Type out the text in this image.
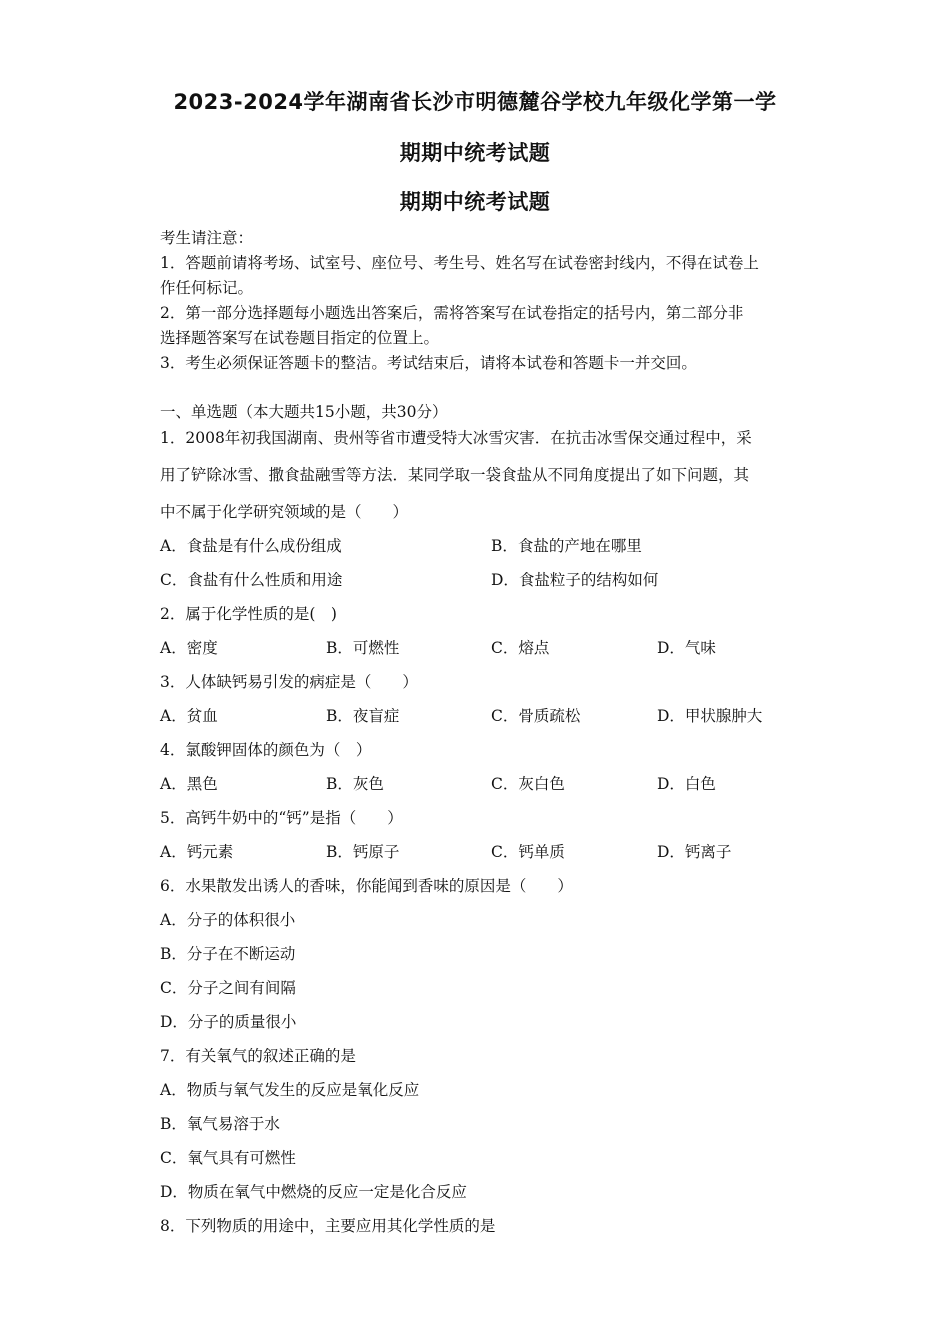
2023-2024学年湖南省长沙市明德麓谷学校九年级化学第一学
期期中统考试题
期期中统考试题
考生请注意：
1．答题前请将考场、试室号、座位号、考生号、姓名写在试卷密封线内，不得在试卷上
作任何标记。
2．第一部分选择题每小题选出答案后，需将答案写在试卷指定的括号内，第二部分非
选择题答案写在试卷题目指定的位置上。
3．考生必须保证答题卡的整洁。考试结束后，请将本试卷和答题卡一并交回。
一、单选题（本大题共15小题，共30分）
1．2008年初我国湖南、贵州等省市遭受特大冰雪灾害．在抗击冰雪保交通过程中，采
用了铲除冰雪、撒食盐融雪等方法．某同学取一袋食盐从不同角度提出了如下问题，其
中不属于化学研究领域的是（　　）
A．食盐是有什么成份组成	B．食盐的产地在哪里
C．食盐有什么性质和用途	D．食盐粒子的结构如何
2．属于化学性质的是(　)
A．密度	B．可燃性	C．熔点	D．气味
3．人体缺钙易引发的病症是（　　）
A．贫血	B．夜盲症	C．骨质疏松	D．甲状腺肿大
4．氯酸钾固体的颜色为（　）
A．黑色	B．灰色	C．灰白色	D．白色
5．高钙牛奶中的“钙”是指（　　）
A．钙元素	B．钙原子	C．钙单质	D．钙离子
6．水果散发出诱人的香味，你能闻到香味的原因是（　　）
A．分子的体积很小
B．分子在不断运动
C．分子之间有间隔
D．分子的质量很小
7．有关氧气的叙述正确的是
A．物质与氧气发生的反应是氧化反应
B．氧气易溶于水
C．氧气具有可燃性
D．物质在氧气中燃烧的反应一定是化合反应
8．下列物质的用途中，主要应用其化学性质的是
